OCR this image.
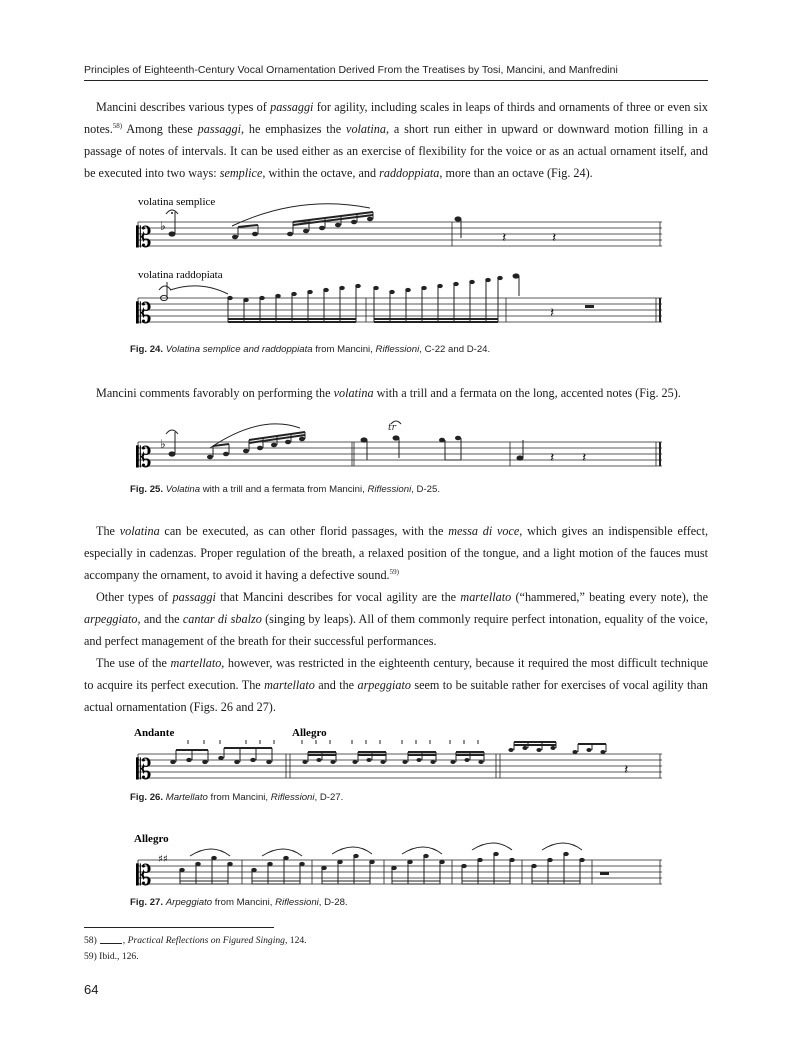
Principles of Eighteenth-Century Vocal Ornamentation Derived From the Treatises by Tosi, Mancini, and Manfredini

Mancini describes various types of passaggi for agility, including scales in leaps of thirds and ornaments of three or even six notes.$^{58)}$ Among these passaggi, he emphasizes the volatina, a short run either in upward or downward motion filling in a passage of notes of intervals. It can be used either as an exercise of flexibility for the voice or as an actual ornament itself, and be executed into two ways: semplice, within the octave, and raddoppiata, more than an octave (Fig. 24).

volatina semplice
𝄡 ♭
𝄽	𝄽
volatina raddopiata
𝄡	𝄽
Fig. 24. Volatina semplice and raddoppiata from Mancini, Riflessioni, C-22 and D-24.

Mancini comments favorably on performing the volatina with a trill and a fermata on the long, accented notes (Fig. 25).

𝄡 ♭
tr
𝄽 𝄽
Fig. 25. Volatina with a trill and a fermata from Mancini, Riflessioni, D-25.

The volatina can be executed, as can other florid passages, with the messa di voce, which gives an indispensible effect, especially in cadenzas. Proper regulation of the breath, a relaxed position of the tongue, and a light motion of the fauces must accompany the ornament, to avoid it having a defective sound.$^{59)}$

Other types of passaggi that Mancini describes for vocal agility are the martellato (“hammered,” beating every note), the arpeggiato, and the cantar di sbalzo (singing by leaps). All of them commonly require perfect intonation, equality of the voice, and perfect management of the breath for their successful performances.

The use of the martellato, however, was restricted in the eighteenth century, because it required the most difficult technique to acquire its perfect execution. The martellato and the arpeggiato seem to be suitable rather for exercises of vocal agility than actual ornamentation (Figs. 26 and 27).

Andante	Allegro
𝄡	𝄽
Fig. 26. Martellato from Mancini, Riflessioni, D-27.
Allegro
𝄡 ♯♯
Fig. 27. Arpeggiato from Mancini, Riflessioni, D-28.
58)	, Practical Reflections on Figured Singing, 124.
59) Ibid., 126.
64
